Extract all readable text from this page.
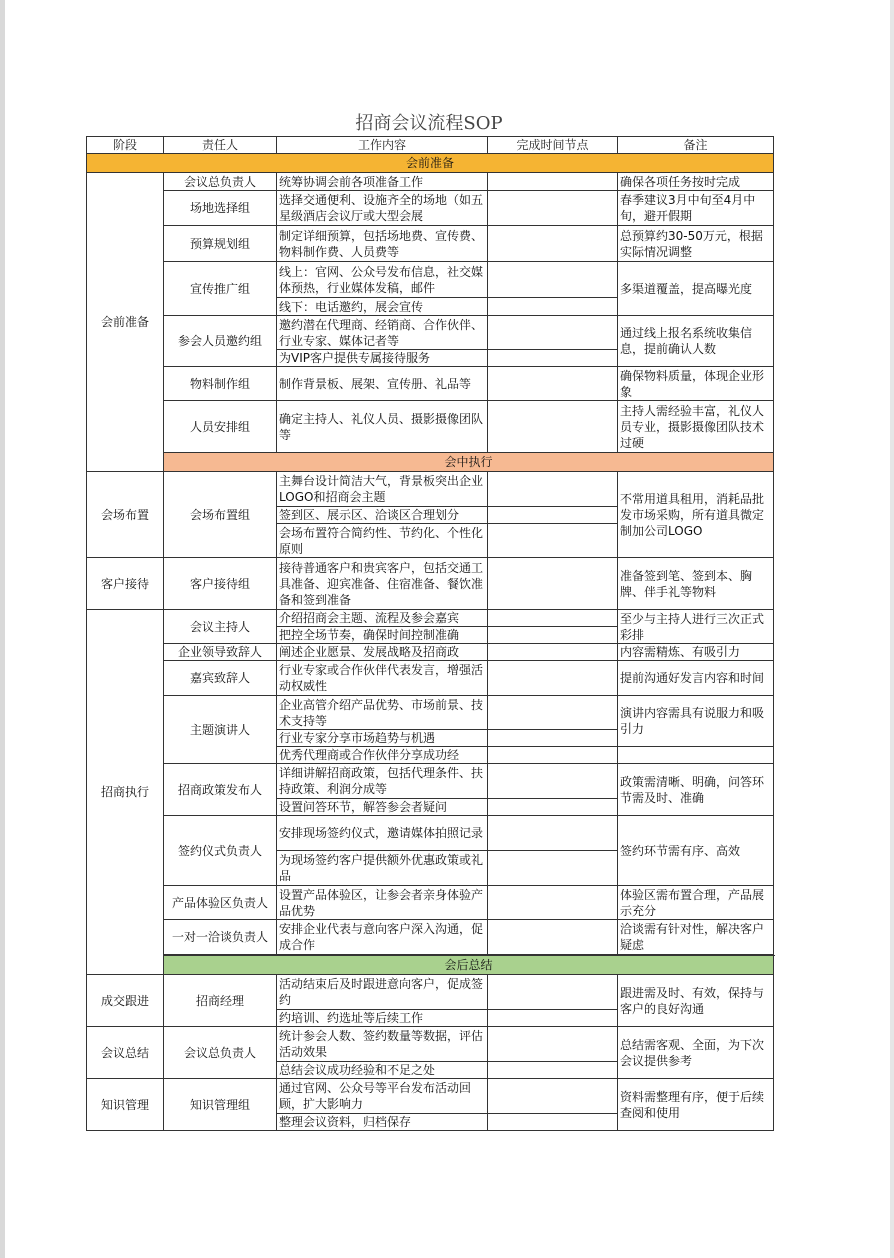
招商会议流程SOP
阶段	责任人	工作内容	完成时间节点	备注
会前准备				
会前准备	会议总负责人	统筹协调会前各项准备工作		确保各项任务按时完成
	场地选择组	选择交通便利、设施齐全的场地（如五星级酒店会议厅或大型会展		春季建议3月中旬至4月中旬，避开假期
	预算规划组	制定详细预算，包括场地费、宣传费、物料制作费、人员费等		总预算约30-50万元，根据实际情况调整
	宣传推广组	线上：官网、公众号发布信息，社交媒体预热，行业媒体发稿，邮件		多渠道覆盖，提高曝光度
		线下：电话邀约，展会宣传		
	参会人员邀约组	邀约潜在代理商、经销商、合作伙伴、行业专家、媒体记者等		通过线上报名系统收集信息，提前确认人数
		为VIP客户提供专属接待服务		
	物料制作组	制作背景板、展架、宣传册、礼品等		确保物料质量，体现企业形象
	人员安排组	确定主持人、礼仪人员、摄影摄像团队等		主持人需经验丰富，礼仪人员专业，摄影摄像团队技术过硬
	会中执行			
会场布置	会场布置组	主舞台设计简洁大气，背景板突出企业LOGO和招商会主题		不常用道具租用，消耗品批发市场采购，所有道具微定制加公司LOGO
		签到区、展示区、洽谈区合理划分		
		会场布置符合简约性、节约化、个性化原则		
客户接待	客户接待组	接待普通客户和贵宾客户，包括交通工具准备、迎宾准备、住宿准备、餐饮准备和签到准备		准备签到笔、签到本、胸牌、伴手礼等物料
招商执行	会议主持人	介绍招商会主题、流程及参会嘉宾		至少与主持人进行三次正式彩排
		把控全场节奏，确保时间控制准确		
	企业领导致辞人	阐述企业愿景、发展战略及招商政		内容需精炼、有吸引力
	嘉宾致辞人	行业专家或合作伙伴代表发言，增强活动权威性		提前沟通好发言内容和时间
	主题演讲人	企业高管介绍产品优势、市场前景、技术支持等		演讲内容需具有说服力和吸引力
		行业专家分享市场趋势与机遇		
		优秀代理商或合作伙伴分享成功经		
	招商政策发布人	详细讲解招商政策，包括代理条件、扶持政策、利润分成等		政策需清晰、明确，问答环节需及时、准确
		设置问答环节，解答参会者疑问		
	签约仪式负责人	安排现场签约仪式，邀请媒体拍照记录		签约环节需有序、高效
		为现场签约客户提供额外优惠政策或礼品		
	产品体验区负责人	设置产品体验区，让参会者亲身体验产品优势		体验区需布置合理，产品展示充分
	一对一洽谈负责人	安排企业代表与意向客户深入沟通，促成合作		洽谈需有针对性，解决客户疑虑

	会后总结			
成交跟进	招商经理	活动结束后及时跟进意向客户，促成签约		跟进需及时、有效，保持与客户的良好沟通
		约培训、约选址等后续工作		
会议总结	会议总负责人	统计参会人数、签约数量等数据，评估活动效果		总结需客观、全面，为下次会议提供参考
		总结会议成功经验和不足之处		
知识管理	知识管理组	通过官网、公众号等平台发布活动回顾，扩大影响力		资料需整理有序，便于后续查阅和使用
		整理会议资料，归档保存		
